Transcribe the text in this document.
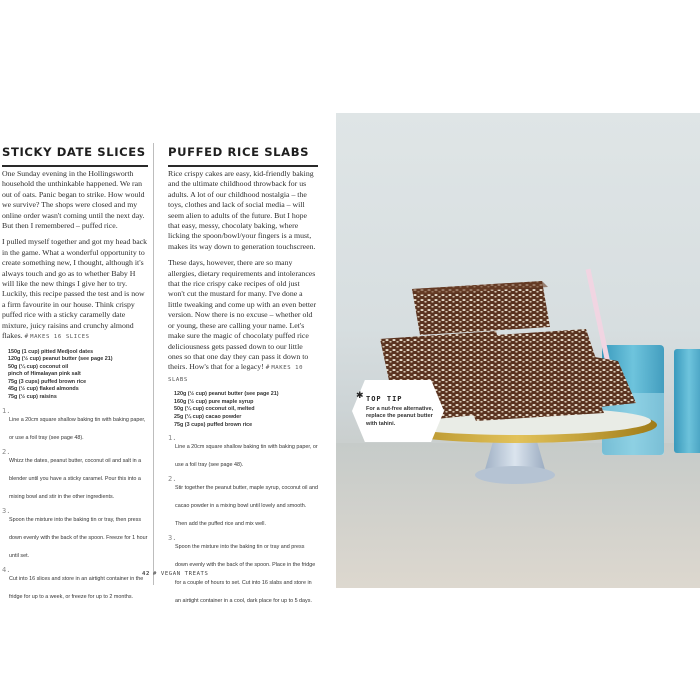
STICKY DATE SLICES

One Sunday evening in the Hollingsworth household the unthinkable happened. We ran out of oats. Panic began to strike. How would we survive? The shops were closed and my online order wasn't coming until the next day. But then I remembered – puffed rice.

I pulled myself together and got my head back in the game. What a wonderful opportunity to create something new, I thought, although it's always touch and go as to whether Baby H will like the new things I give her to try. Luckily, this recipe passed the test and is now a firm favourite in our house. Think crispy puffed rice with a sticky caramelly date mixture, juicy raisins and crunchy almond flakes. # MAKES 16 SLICES

150g (1 cup) pitted Medjool dates
120g (½ cup) peanut butter (see page 21)
50g (¼ cup) coconut oil
pinch of Himalayan pink salt
75g (3 cups) puffed brown rice
45g (½ cup) flaked almonds
75g (½ cup) raisins
1.
Line a 20cm square shallow baking tin with baking paper, or use a foil tray (see page 48).
2.
Whizz the dates, peanut butter, coconut oil and salt in a blender until you have a sticky caramel. Pour this into a mixing bowl and stir in the other ingredients.
3.
Spoon the mixture into the baking tin or tray, then press down evenly with the back of the spoon. Freeze for 1 hour until set.
4.
Cut into 16 slices and store in an airtight container in the fridge for up to a week, or freeze for up to 2 months.
PUFFED RICE SLABS

Rice crispy cakes are easy, kid-friendly baking and the ultimate childhood throwback for us adults. A lot of our childhood nostalgia – the toys, clothes and lack of social media – will seem alien to adults of the future. But I hope that easy, messy, chocolaty baking, where licking the spoon/bowl/your fingers is a must, makes its way down to generation touchscreen.

These days, however, there are so many allergies, dietary requirements and intolerances that the rice crispy cake recipes of old just won't cut the mustard for many. I've done a little tweaking and come up with an even better version. Now there is no excuse – whether old or young, these are calling your name. Let's make sure the magic of chocolaty puffed rice deliciousness gets passed down to our little ones so that one day they can pass it down to theirs. How's that for a legacy! # MAKES 10 SLABS

120g (½ cup) peanut butter (see page 21)
160g (½ cup) pure maple syrup
50g (¼ cup) coconut oil, melted
25g (¼ cup) cacao powder
75g (3 cups) puffed brown rice
1.
Line a 20cm square shallow baking tin with baking paper, or use a foil tray (see page 48).
2.
Stir together the peanut butter, maple syrup, coconut oil and cacao powder in a mixing bowl until lovely and smooth. Then add the puffed rice and mix well.
3.
Spoon the mixture into the baking tin or tray and press down evenly with the back of the spoon. Place in the fridge for a couple of hours to set. Cut into 16 slabs and store in an airtight container in a cool, dark place for up to 5 days.
42 # VEGAN TREATS
✱ TOP TIP
For a nut-free alternative, replace the peanut butter with tahini.
